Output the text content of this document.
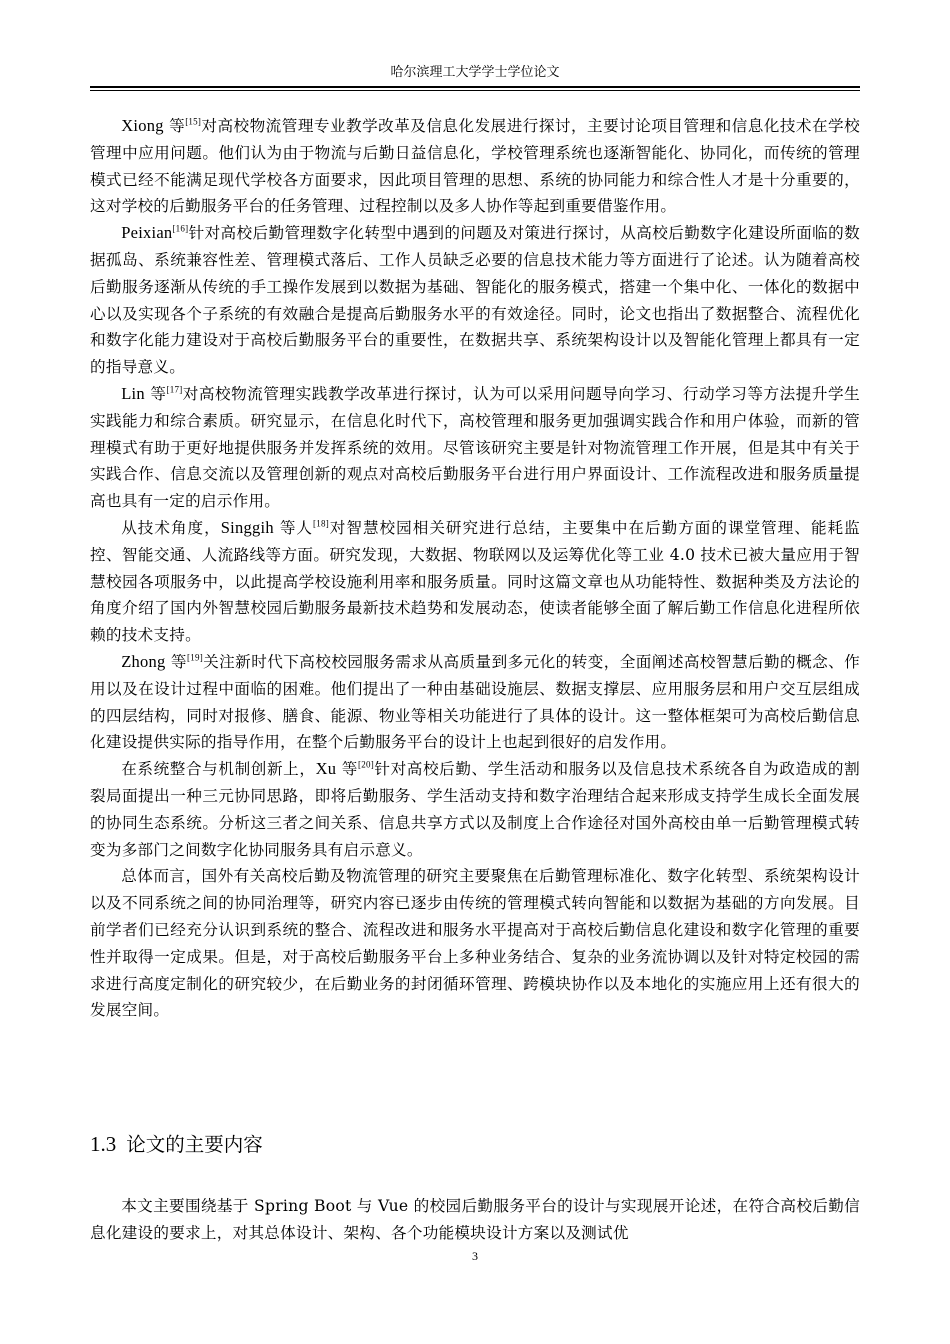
哈尔滨理工大学学士学位论文

Xiong 等[15]对高校物流管理专业教学改革及信息化发展进行探讨，主要讨论项目管理和信息化技术在学校管理中应用问题。他们认为由于物流与后勤日益信息化，学校管理系统也逐渐智能化、协同化，而传统的管理模式已经不能满足现代学校各方面要求，因此项目管理的思想、系统的协同能力和综合性人才是十分重要的，这对学校的后勤服务平台的任务管理、过程控制以及多人协作等起到重要借鉴作用。

Peixian[16]针对高校后勤管理数字化转型中遇到的问题及对策进行探讨，从高校后勤数字化建设所面临的数据孤岛、系统兼容性差、管理模式落后、工作人员缺乏必要的信息技术能力等方面进行了论述。认为随着高校后勤服务逐渐从传统的手工操作发展到以数据为基础、智能化的服务模式，搭建一个集中化、一体化的数据中心以及实现各个子系统的有效融合是提高后勤服务水平的有效途径。同时，论文也指出了数据整合、流程优化和数字化能力建设对于高校后勤服务平台的重要性，在数据共享、系统架构设计以及智能化管理上都具有一定的指导意义。

Lin 等[17]对高校物流管理实践教学改革进行探讨，认为可以采用问题导向学习、行动学习等方法提升学生实践能力和综合素质。研究显示，在信息化时代下，高校管理和服务更加强调实践合作和用户体验，而新的管理模式有助于更好地提供服务并发挥系统的效用。尽管该研究主要是针对物流管理工作开展，但是其中有关于实践合作、信息交流以及管理创新的观点对高校后勤服务平台进行用户界面设计、工作流程改进和服务质量提高也具有一定的启示作用。

从技术角度，Singgih 等人[18]对智慧校园相关研究进行总结，主要集中在后勤方面的课堂管理、能耗监控、智能交通、人流路线等方面。研究发现，大数据、物联网以及运筹优化等工业 4.0 技术已被大量应用于智慧校园各项服务中，以此提高学校设施利用率和服务质量。同时这篇文章也从功能特性、数据种类及方法论的角度介绍了国内外智慧校园后勤服务最新技术趋势和发展动态，使读者能够全面了解后勤工作信息化进程所依赖的技术支持。

Zhong 等[19]关注新时代下高校校园服务需求从高质量到多元化的转变，全面阐述高校智慧后勤的概念、作用以及在设计过程中面临的困难。他们提出了一种由基础设施层、数据支撑层、应用服务层和用户交互层组成的四层结构，同时对报修、膳食、能源、物业等相关功能进行了具体的设计。这一整体框架可为高校后勤信息化建设提供实际的指导作用，在整个后勤服务平台的设计上也起到很好的启发作用。

在系统整合与机制创新上，Xu 等[20]针对高校后勤、学生活动和服务以及信息技术系统各自为政造成的割裂局面提出一种三元协同思路，即将后勤服务、学生活动支持和数字治理结合起来形成支持学生成长全面发展的协同生态系统。分析这三者之间关系、信息共享方式以及制度上合作途径对国外高校由单一后勤管理模式转变为多部门之间数字化协同服务具有启示意义。

总体而言，国外有关高校后勤及物流管理的研究主要聚焦在后勤管理标准化、数字化转型、系统架构设计以及不同系统之间的协同治理等，研究内容已逐步由传统的管理模式转向智能和以数据为基础的方向发展。目前学者们已经充分认识到系统的整合、流程改进和服务水平提高对于高校后勤信息化建设和数字化管理的重要性并取得一定成果。但是，对于高校后勤服务平台上多种业务结合、复杂的业务流协调以及针对特定校园的需求进行高度定制化的研究较少，在后勤业务的封闭循环管理、跨模块协作以及本地化的实施应用上还有很大的发展空间。

1.3 论文的主要内容

本文主要围绕基于 Spring Boot 与 Vue 的校园后勤服务平台的设计与实现展开论述，在符合高校后勤信息化建设的要求上，对其总体设计、架构、各个功能模块设计方案以及测试优

3
